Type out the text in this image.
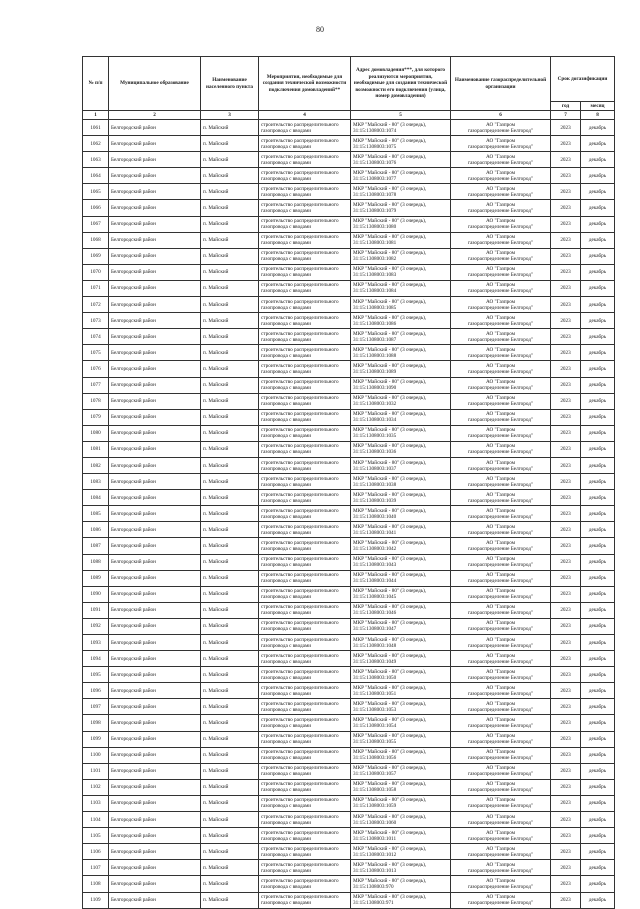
80
№ п/п	Муниципальное образование	Наименование населенного пункта	Мероприятия, необходимые для создания технической возможности подключения домовладений**	Адрес домовладения***, для которого реализуются мероприятия, необходимые для создания технической возможности его подключения (улица, номер домовладения)	Наименование газораспределительной организации	Срок догазификации	
						год	месяц
1	2	3	4	5	6	7	8
1061	Белгородский район	п. Майский	строительство распределительного
газопровода с вводами	МКР "Майский - 80" (3 очередь),
31:15:1308003:1074	АО "Газпром
газораспределение Белгород"	2023	декабрь
1062	Белгородский район	п. Майский	строительство распределительного
газопровода с вводами	МКР "Майский - 80" (3 очередь),
31:15:1308003:1075	АО "Газпром
газораспределение Белгород"	2023	декабрь
1063	Белгородский район	п. Майский	строительство распределительного
газопровода с вводами	МКР "Майский - 80" (3 очередь),
31:15:1308003:1076	АО "Газпром
газораспределение Белгород"	2023	декабрь
1064	Белгородский район	п. Майский	строительство распределительного
газопровода с вводами	МКР "Майский - 80" (3 очередь),
31:15:1308003:1077	АО "Газпром
газораспределение Белгород"	2023	декабрь
1065	Белгородский район	п. Майский	строительство распределительного
газопровода с вводами	МКР "Майский - 80" (3 очередь),
31:15:1308003:1078	АО "Газпром
газораспределение Белгород"	2023	декабрь
1066	Белгородский район	п. Майский	строительство распределительного
газопровода с вводами	МКР "Майский - 80" (3 очередь),
31:15:1308003:1079	АО "Газпром
газораспределение Белгород"	2023	декабрь
1067	Белгородский район	п. Майский	строительство распределительного
газопровода с вводами	МКР "Майский - 80" (3 очередь),
31:15:1308003:1080	АО "Газпром
газораспределение Белгород"	2023	декабрь
1068	Белгородский район	п. Майский	строительство распределительного
газопровода с вводами	МКР "Майский - 80" (3 очередь),
31:15:1308003:1081	АО "Газпром
газораспределение Белгород"	2023	декабрь
1069	Белгородский район	п. Майский	строительство распределительного
газопровода с вводами	МКР "Майский - 80" (3 очередь),
31:15:1308003:1082	АО "Газпром
газораспределение Белгород"	2023	декабрь
1070	Белгородский район	п. Майский	строительство распределительного
газопровода с вводами	МКР "Майский - 80" (3 очередь),
31:15:1308003:1083	АО "Газпром
газораспределение Белгород"	2023	декабрь
1071	Белгородский район	п. Майский	строительство распределительного
газопровода с вводами	МКР "Майский - 80" (3 очередь),
31:15:1308003:1084	АО "Газпром
газораспределение Белгород"	2023	декабрь
1072	Белгородский район	п. Майский	строительство распределительного
газопровода с вводами	МКР "Майский - 80" (3 очередь),
31:15:1308003:1085	АО "Газпром
газораспределение Белгород"	2023	декабрь
1073	Белгородский район	п. Майский	строительство распределительного
газопровода с вводами	МКР "Майский - 80" (3 очередь),
31:15:1308003:1086	АО "Газпром
газораспределение Белгород"	2023	декабрь
1074	Белгородский район	п. Майский	строительство распределительного
газопровода с вводами	МКР "Майский - 80" (3 очередь),
31:15:1308003:1087	АО "Газпром
газораспределение Белгород"	2023	декабрь
1075	Белгородский район	п. Майский	строительство распределительного
газопровода с вводами	МКР "Майский - 80" (3 очередь),
31:15:1308003:1088	АО "Газпром
газораспределение Белгород"	2023	декабрь
1076	Белгородский район	п. Майский	строительство распределительного
газопровода с вводами	МКР "Майский - 80" (3 очередь),
31:15:1308003:1089	АО "Газпром
газораспределение Белгород"	2023	декабрь
1077	Белгородский район	п. Майский	строительство распределительного
газопровода с вводами	МКР "Майский - 80" (3 очередь),
31:15:1308003:1090	АО "Газпром
газораспределение Белгород"	2023	декабрь
1078	Белгородский район	п. Майский	строительство распределительного
газопровода с вводами	МКР "Майский - 80" (3 очередь),
31:15:1308003:1032	АО "Газпром
газораспределение Белгород"	2023	декабрь
1079	Белгородский район	п. Майский	строительство распределительного
газопровода с вводами	МКР "Майский - 80" (3 очередь),
31:15:1308003:1034	АО "Газпром
газораспределение Белгород"	2023	декабрь
1080	Белгородский район	п. Майский	строительство распределительного
газопровода с вводами	МКР "Майский - 80" (3 очередь),
31:15:1308003:1035	АО "Газпром
газораспределение Белгород"	2023	декабрь
1081	Белгородский район	п. Майский	строительство распределительного
газопровода с вводами	МКР "Майский - 80" (3 очередь),
31:15:1308003:1036	АО "Газпром
газораспределение Белгород"	2023	декабрь
1082	Белгородский район	п. Майский	строительство распределительного
газопровода с вводами	МКР "Майский - 80" (3 очередь),
31:15:1308003:1037	АО "Газпром
газораспределение Белгород"	2023	декабрь
1083	Белгородский район	п. Майский	строительство распределительного
газопровода с вводами	МКР "Майский - 80" (3 очередь),
31:15:1308003:1038	АО "Газпром
газораспределение Белгород"	2023	декабрь
1084	Белгородский район	п. Майский	строительство распределительного
газопровода с вводами	МКР "Майский - 80" (3 очередь),
31:15:1308003:1039	АО "Газпром
газораспределение Белгород"	2023	декабрь
1085	Белгородский район	п. Майский	строительство распределительного
газопровода с вводами	МКР "Майский - 80" (3 очередь),
31:15:1308003:1040	АО "Газпром
газораспределение Белгород"	2023	декабрь
1086	Белгородский район	п. Майский	строительство распределительного
газопровода с вводами	МКР "Майский - 80" (3 очередь),
31:15:1308003:1041	АО "Газпром
газораспределение Белгород"	2023	декабрь
1087	Белгородский район	п. Майский	строительство распределительного
газопровода с вводами	МКР "Майский - 80" (3 очередь),
31:15:1308003:1042	АО "Газпром
газораспределение Белгород"	2023	декабрь
1088	Белгородский район	п. Майский	строительство распределительного
газопровода с вводами	МКР "Майский - 80" (3 очередь),
31:15:1308003:1043	АО "Газпром
газораспределение Белгород"	2023	декабрь
1089	Белгородский район	п. Майский	строительство распределительного
газопровода с вводами	МКР "Майский - 80" (3 очередь),
31:15:1308003:1044	АО "Газпром
газораспределение Белгород"	2023	декабрь
1090	Белгородский район	п. Майский	строительство распределительного
газопровода с вводами	МКР "Майский - 80" (3 очередь),
31:15:1308003:1045	АО "Газпром
газораспределение Белгород"	2023	декабрь
1091	Белгородский район	п. Майский	строительство распределительного
газопровода с вводами	МКР "Майский - 80" (3 очередь),
31:15:1308003:1046	АО "Газпром
газораспределение Белгород"	2023	декабрь
1092	Белгородский район	п. Майский	строительство распределительного
газопровода с вводами	МКР "Майский - 80" (3 очередь),
31:15:1308003:1047	АО "Газпром
газораспределение Белгород"	2023	декабрь
1093	Белгородский район	п. Майский	строительство распределительного
газопровода с вводами	МКР "Майский - 80" (3 очередь),
31:15:1308003:1048	АО "Газпром
газораспределение Белгород"	2023	декабрь
1094	Белгородский район	п. Майский	строительство распределительного
газопровода с вводами	МКР "Майский - 80" (3 очередь),
31:15:1308003:1049	АО "Газпром
газораспределение Белгород"	2023	декабрь
1095	Белгородский район	п. Майский	строительство распределительного
газопровода с вводами	МКР "Майский - 80" (3 очередь),
31:15:1308003:1050	АО "Газпром
газораспределение Белгород"	2023	декабрь
1096	Белгородский район	п. Майский	строительство распределительного
газопровода с вводами	МКР "Майский - 80" (3 очередь),
31:15:1308003:1051	АО "Газпром
газораспределение Белгород"	2023	декабрь
1097	Белгородский район	п. Майский	строительство распределительного
газопровода с вводами	МКР "Майский - 80" (3 очередь),
31:15:1308003:1053	АО "Газпром
газораспределение Белгород"	2023	декабрь
1098	Белгородский район	п. Майский	строительство распределительного
газопровода с вводами	МКР "Майский - 80" (3 очередь),
31:15:1308003:1054	АО "Газпром
газораспределение Белгород"	2023	декабрь
1099	Белгородский район	п. Майский	строительство распределительного
газопровода с вводами	МКР "Майский - 80" (3 очередь),
31:15:1308003:1055	АО "Газпром
газораспределение Белгород"	2023	декабрь
1100	Белгородский район	п. Майский	строительство распределительного
газопровода с вводами	МКР "Майский - 80" (3 очередь),
31:15:1308003:1056	АО "Газпром
газораспределение Белгород"	2023	декабрь
1101	Белгородский район	п. Майский	строительство распределительного
газопровода с вводами	МКР "Майский - 80" (3 очередь),
31:15:1308003:1057	АО "Газпром
газораспределение Белгород"	2023	декабрь
1102	Белгородский район	п. Майский	строительство распределительного
газопровода с вводами	МКР "Майский - 80" (3 очередь),
31:15:1308003:1058	АО "Газпром
газораспределение Белгород"	2023	декабрь
1103	Белгородский район	п. Майский	строительство распределительного
газопровода с вводами	МКР "Майский - 80" (3 очередь),
31:15:1308003:1059	АО "Газпром
газораспределение Белгород"	2023	декабрь
1104	Белгородский район	п. Майский	строительство распределительного
газопровода с вводами	МКР "Майский - 80" (3 очередь),
31:15:1308003:1060	АО "Газпром
газораспределение Белгород"	2023	декабрь
1105	Белгородский район	п. Майский	строительство распределительного
газопровода с вводами	МКР "Майский - 80" (3 очередь),
31:15:1308003:1011	АО "Газпром
газораспределение Белгород"	2023	декабрь
1106	Белгородский район	п. Майский	строительство распределительного
газопровода с вводами	МКР "Майский - 80" (3 очередь),
31:15:1308003:1012	АО "Газпром
газораспределение Белгород"	2023	декабрь
1107	Белгородский район	п. Майский	строительство распределительного
газопровода с вводами	МКР "Майский - 80" (3 очередь),
31:15:1308003:1013	АО "Газпром
газораспределение Белгород"	2023	декабрь
1108	Белгородский район	п. Майский	строительство распределительного
газопровода с вводами	МКР "Майский - 80" (3 очередь),
31:15:1308003:970	АО "Газпром
газораспределение Белгород"	2023	декабрь
1109	Белгородский район	п. Майский	строительство распределительного
газопровода с вводами	МКР "Майский - 80" (3 очередь),
31:15:1308003:971	АО "Газпром
газораспределение Белгород"	2023	декабрь
